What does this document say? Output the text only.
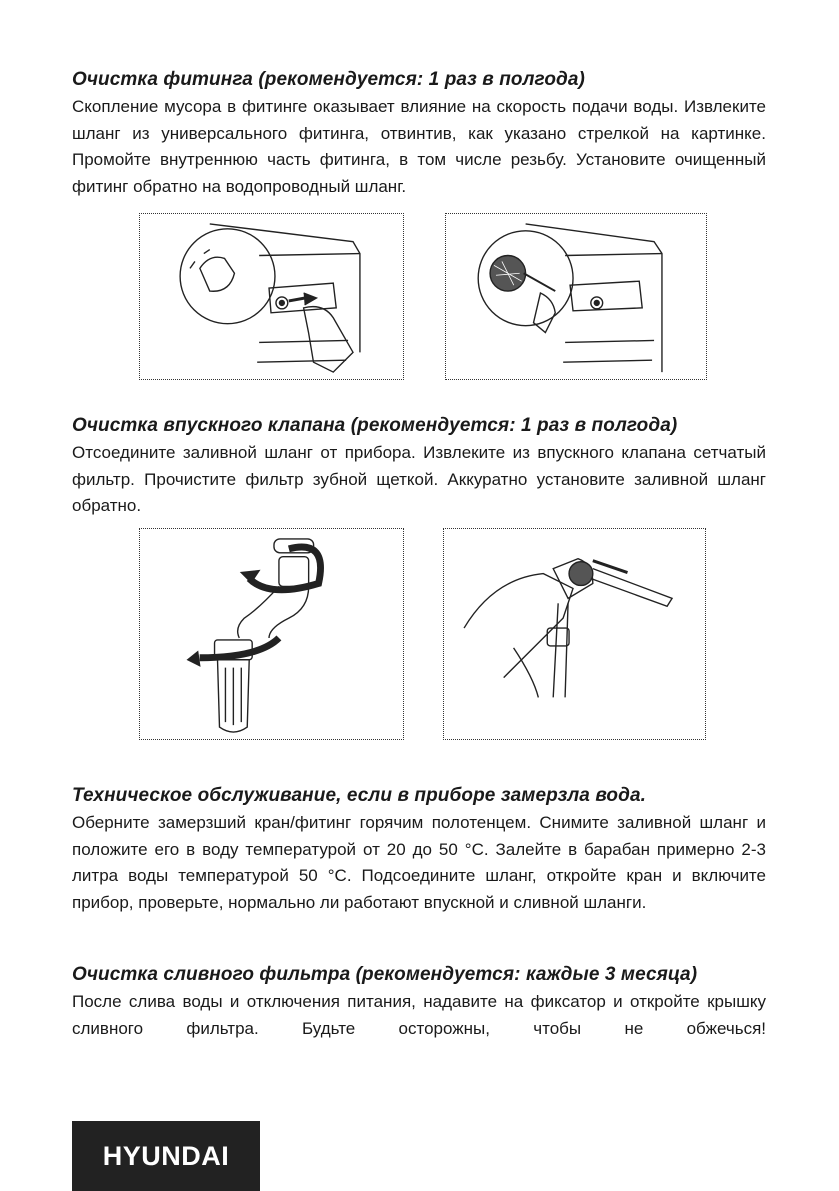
Очистка фитинга (рекомендуется: 1 раз в полгода)

Скопление мусора в фитинге оказывает влияние на скорость подачи воды. Извлеките шланг из универсального фитинга, отвинтив, как указано стрелкой на картинке. Промойте внутреннюю часть фитинга, в том числе резьбу. Установите очищенный фитинг обратно на водопроводный шланг.

Очистка впускного клапана (рекомендуется: 1 раз в полгода)

Отсоедините заливной шланг от прибора. Извлеките из впускного клапана сетчатый фильтр. Прочистите фильтр зубной щеткой. Аккуратно установите заливной шланг обратно.

Техническое обслуживание, если в приборе замерзла вода.

Оберните замерзший кран/фитинг горячим полотенцем. Снимите заливной шланг и положите его в воду температурой от 20 до 50 °C. Залейте в барабан примерно 2-3 литра воды температурой 50 °C. Подсоедините шланг, откройте кран и включите прибор, проверьте, нормально ли работают впускной и сливной шланги.

Очистка сливного фильтра (рекомендуется: каждые 3 месяца)

После слива воды и отключения питания, надавите на фиксатор и откройте крышку сливного фильтра. Будьте осторожны, чтобы не обжечься!

HYUNDAI
